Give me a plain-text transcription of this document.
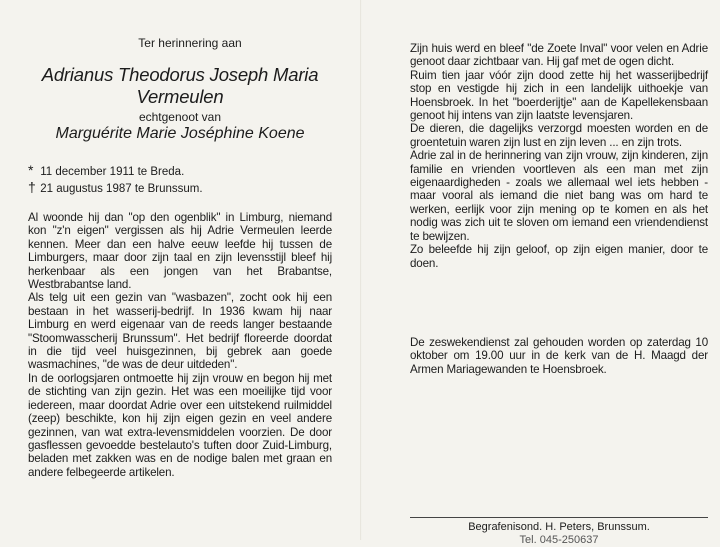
Ter herinnering aan
Adrianus Theodorus Joseph Maria
Vermeulen
echtgenoot van
Marguérite Marie Joséphine Koene
* 11 december 1911 te Breda.
† 21 augustus 1987 te Brunssum.

Al woonde hij dan "op den ogenblik" in Limburg, niemand kon "z'n eigen" vergissen als hij Adrie Vermeulen leerde kennen. Meer dan een halve eeuw leefde hij tussen de Limburgers, maar door zijn taal en zijn levensstijl bleef hij herkenbaar als een jongen van het Brabantse, Westbrabantse land.

Als telg uit een gezin van "wasbazen", zocht ook hij een bestaan in het wasserij-bedrijf. In 1936 kwam hij naar Limburg en werd eigenaar van de reeds langer bestaande "Stoomwasscherij Brunssum". Het bedrijf floreerde doordat in die tijd veel huisgezinnen, bij gebrek aan goede wasmachines, "de was de deur uitdeden".

In de oorlogsjaren ontmoette hij zijn vrouw en begon hij met de stichting van zijn gezin. Het was een moeilijke tijd voor iedereen, maar doordat Adrie over een uitstekend ruilmiddel (zeep) beschikte, kon hij zijn eigen gezin en veel andere gezinnen, van wat extra-levensmiddelen voorzien. De door gasflessen gevoedde bestelauto's tuften door Zuid-Limburg, beladen met zakken was en de nodige balen met graan en andere felbegeerde artikelen.

Zijn huis werd en bleef "de Zoete Inval" voor velen en Adrie genoot daar zichtbaar van. Hij gaf met de ogen dicht.

Ruim tien jaar vóór zijn dood zette hij het wasserijbedrijf stop en vestigde hij zich in een landelijk uithoekje van Hoensbroek. In het "boerderijtje" aan de Kapellekensbaan genoot hij intens van zijn laatste levensjaren.

De dieren, die dagelijks verzorgd moesten worden en de groentetuin waren zijn lust en zijn leven ... en zijn trots.

Adrie zal in de herinnering van zijn vrouw, zijn kinderen, zijn familie en vrienden voortleven als een man met zijn eigenaardigheden - zoals we allemaal wel iets hebben - maar vooral als iemand die niet bang was om hard te werken, eerlijk voor zijn mening op te komen en als het nodig was zich uit te sloven om iemand een vriendendienst te bewijzen.

Zo beleefde hij zijn geloof, op zijn eigen manier, door te doen.

De zeswekendienst zal gehouden worden op zaterdag 10 oktober om 19.00 uur in de kerk van de H. Maagd der Armen Mariagewanden te Hoensbroek.
Begrafenisond. H. Peters, Brunssum.
Tel. 045-250637
